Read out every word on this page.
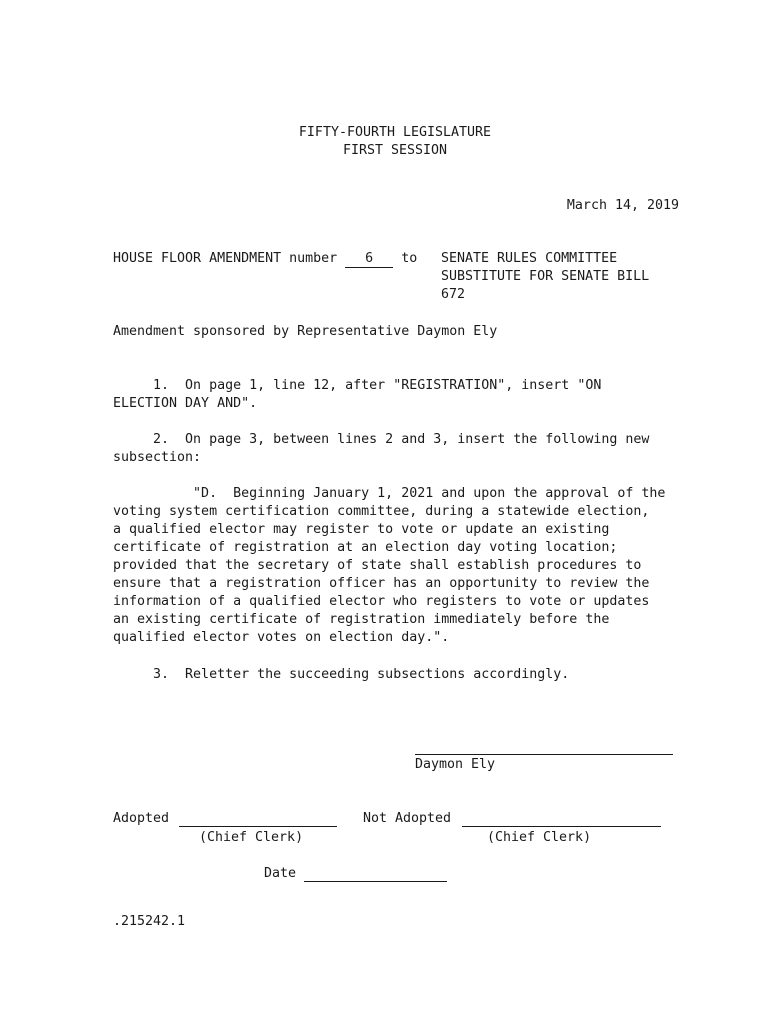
FIFTY-FOURTH LEGISLATURE
FIRST SESSION
March 14, 2019
HOUSE FLOOR AMENDMENT number 6 to SENATE RULES COMMITTEE
SUBSTITUTE FOR SENATE BILL
672
Amendment sponsored by Representative Daymon Ely
1.  On page 1, line 12, after "REGISTRATION", insert "ON
ELECTION DAY AND".
2.  On page 3, between lines 2 and 3, insert the following new
subsection:
"D.  Beginning January 1, 2021 and upon the approval of the
voting system certification committee, during a statewide election,
a qualified elector may register to vote or update an existing
certificate of registration at an election day voting location;
provided that the secretary of state shall establish procedures to
ensure that a registration officer has an opportunity to review the
information of a qualified elector who registers to vote or updates
an existing certificate of registration immediately before the
qualified elector votes on election day.".
3.  Reletter the succeeding subsections accordingly.
Daymon Ely
Adopted
(Chief Clerk)
Not Adopted
(Chief Clerk)
Date
.215242.1
